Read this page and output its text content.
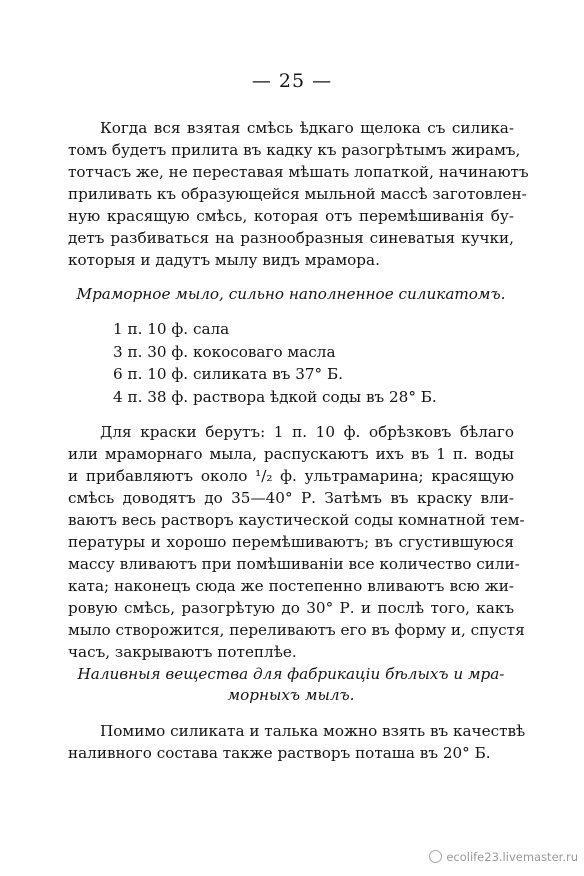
— 25 —

Когда вся взятая смѣсь ѣдкаго щелока съ силика-
томъ будетъ прилита въ кадку къ разогрѣтымъ жирамъ,
тотчасъ же, не переставая мѣшать лопаткой, начинаютъ
приливать къ образующейся мыльной массѣ заготовлен-
ную красящую смѣсь, которая отъ перемѣшиванія бу-
детъ разбиваться на разнообразныя синеватыя кучки,
которыя и дадутъ мылу видъ мрамора.

Мраморное мыло, сильно наполненное силикатомъ.

1 п. 10 ф. сала
3 п. 30 ф. кокосоваго масла
6 п. 10 ф. силиката въ 37° Б.
4 п. 38 ф. раствора ѣдкой соды въ 28° Б.

Для краски берутъ: 1 п. 10 ф. обрѣзковъ бѣлаго
или мраморнаго мыла, распускаютъ ихъ въ 1 п. воды
и прибавляютъ около ¹/₂ ф. ультрамарина; красящую
смѣсь доводятъ до 35—40° Р. Затѣмъ въ краску вли-
ваютъ весь растворъ каустической соды комнатной тем-
пературы и хорошо перемѣшиваютъ; въ сгустившуюся
массу вливаютъ при помѣшиваніи все количество сили-
ката; наконецъ сюда же постепенно вливаютъ всю жи-
ровую смѣсь, разогрѣтую до 30° Р. и послѣ того, какъ
мыло створожится, переливаютъ его въ форму и, спустя
часъ, закрываютъ потеплѣе.

Наливныя вещества для фабрикаціи бѣлыхъ и мра-
морныхъ мылъ.

Помимо силиката и талька можно взять въ качествѣ
наливного состава также растворъ поташа въ 20° Б.

ecolife23.livemaster.ru
